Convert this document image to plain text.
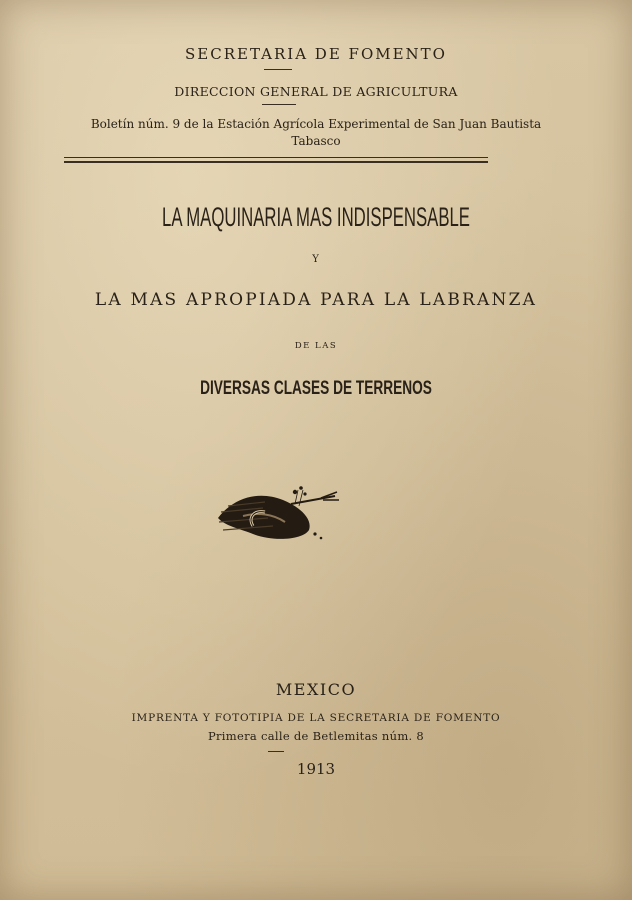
SECRETARIA DE FOMENTO
DIRECCION GENERAL DE AGRICULTURA
Boletín núm. 9 de la Estación Agrícola Experimental de San Juan Bautista
Tabasco
LA MAQUINARIA MAS INDISPENSABLE
Y
LA MAS APROPIADA PARA LA LABRANZA
DE LAS
DIVERSAS CLASES DE TERRENOS
MEXICO
IMPRENTA Y FOTOTIPIA DE LA SECRETARIA DE FOMENTO
Primera calle de Betlemitas núm. 8
1913
